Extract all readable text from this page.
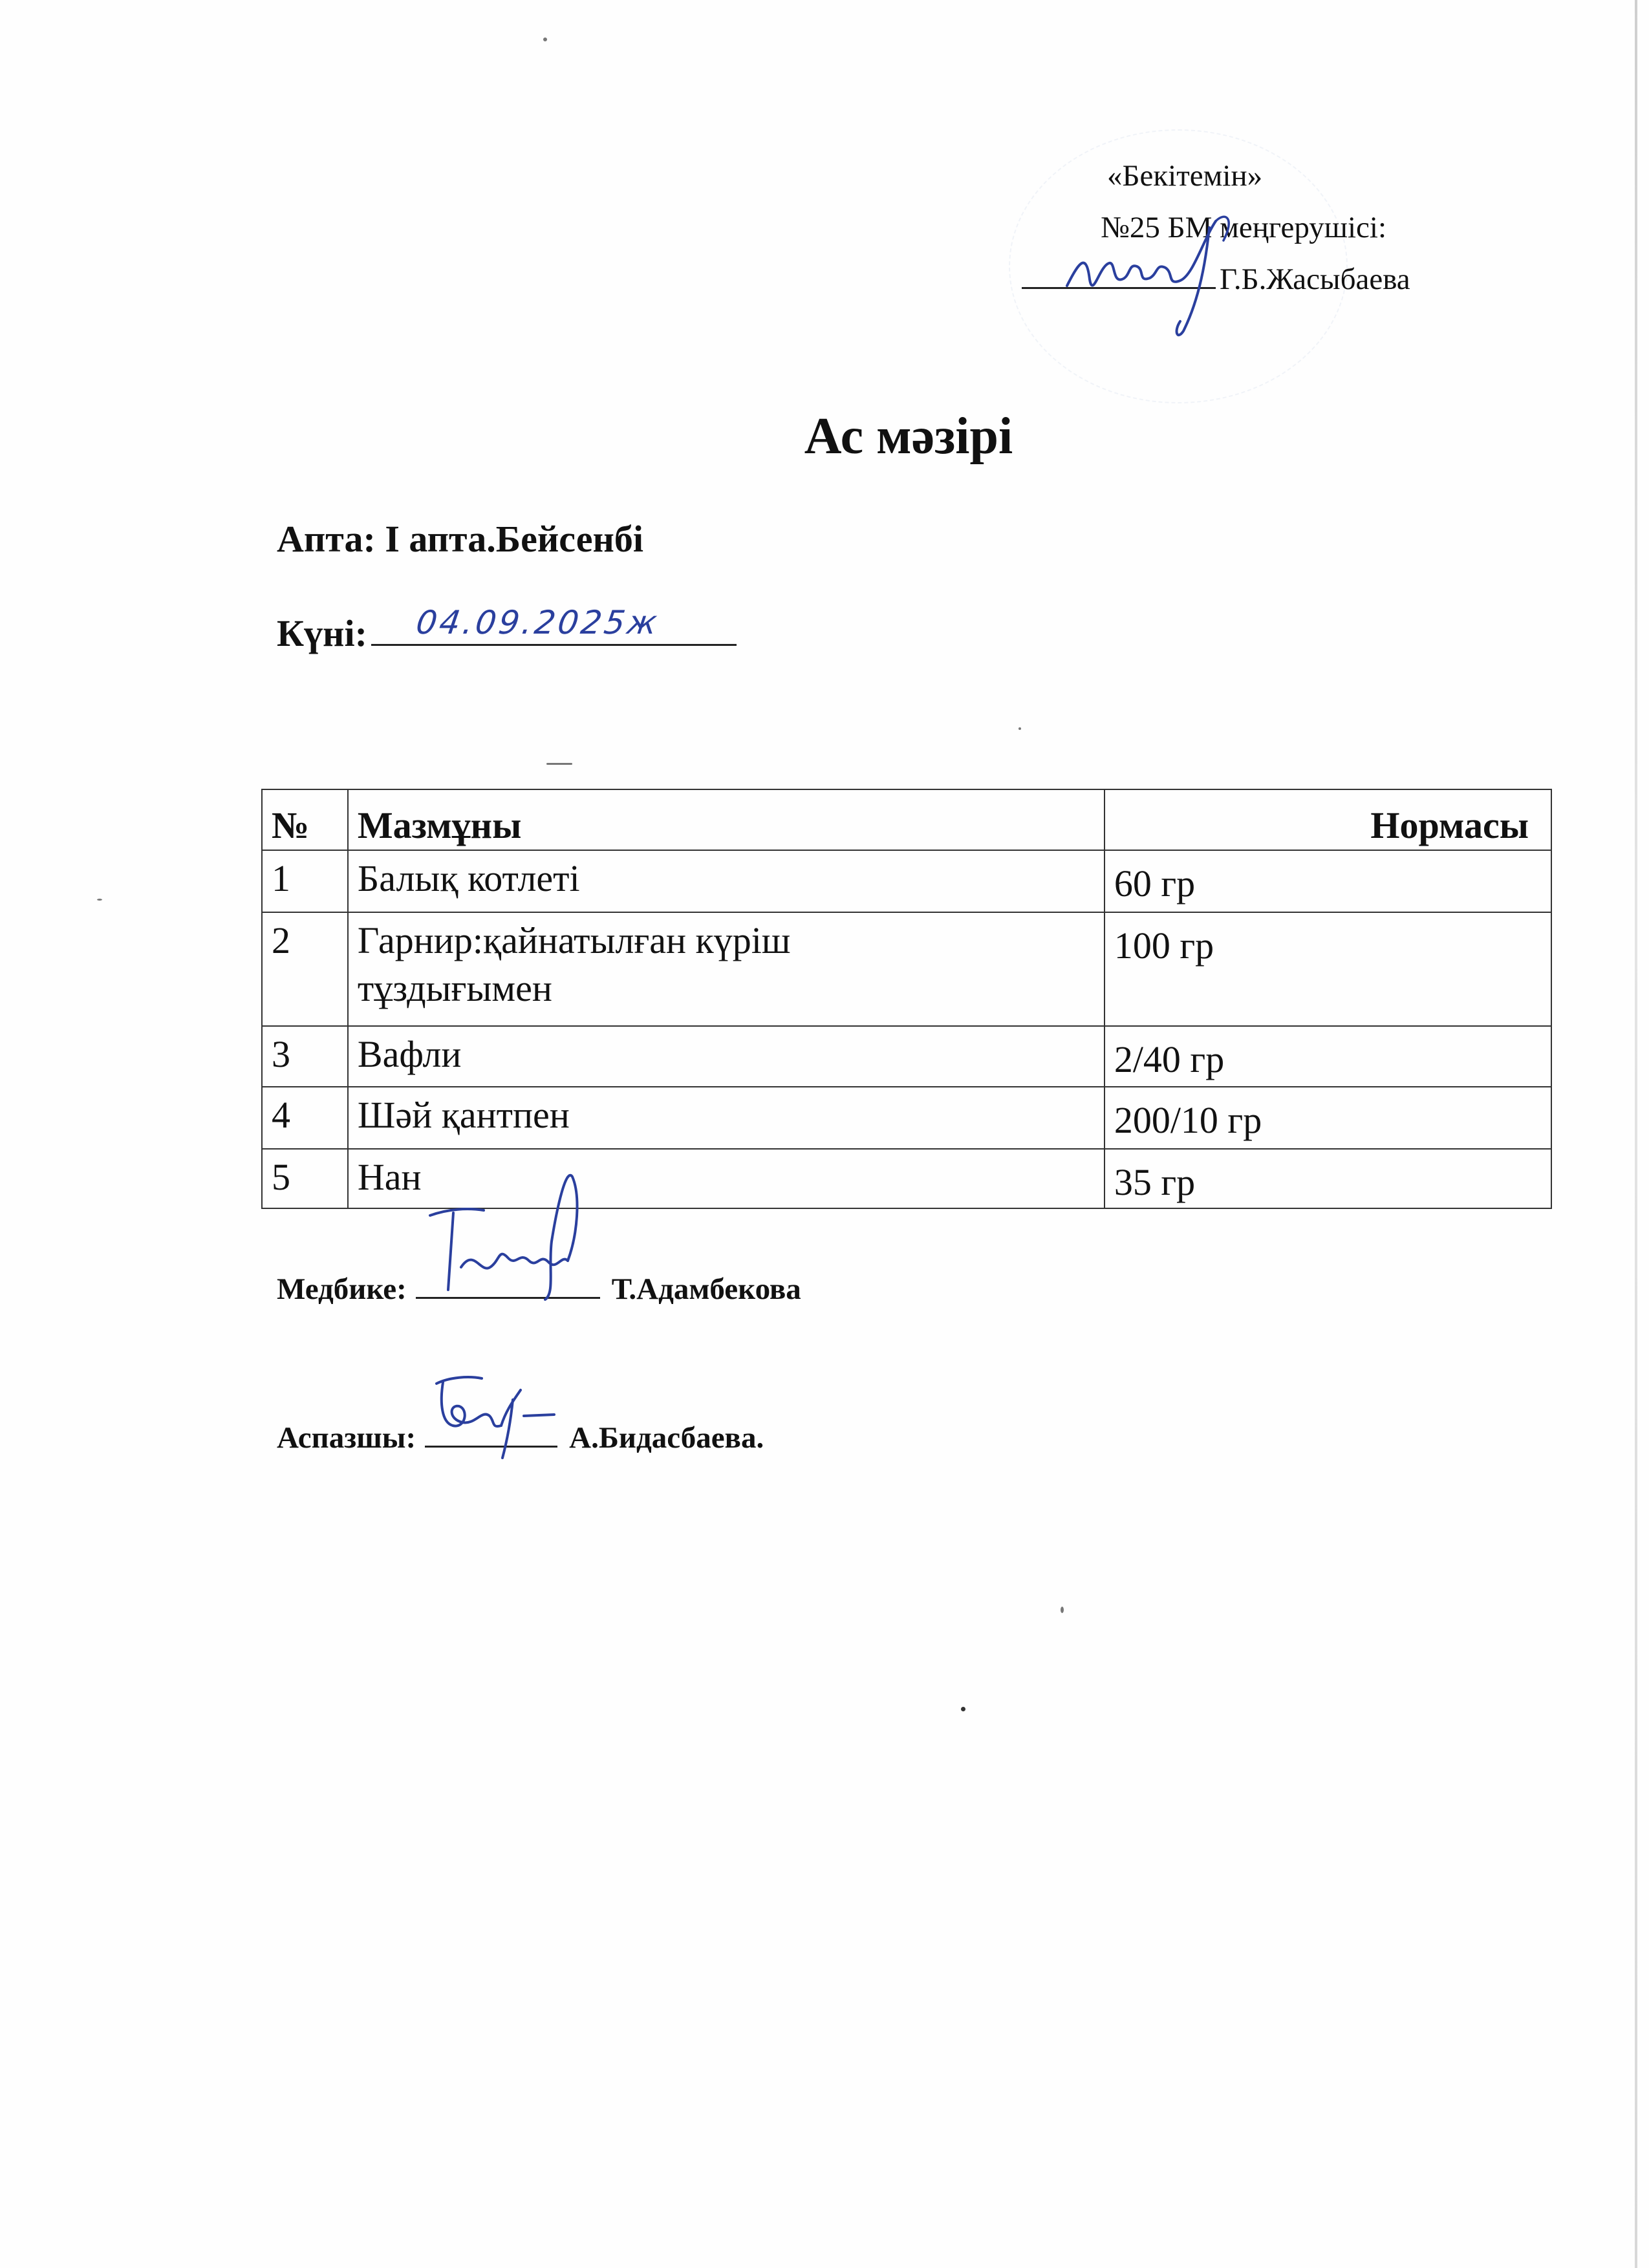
«Бекітемін»
№25 БМ меңгерушісі:
Г.Б.Жасыбаева
Ас мәзірі
Апта: I апта.Бейсенбі
Күні: 04.09.2025ж
№	Мазмұны	Нормасы
1	Балық котлеті	60 гр
2	Гарнир:қайнатылған күріш тұздығымен	100 гр
3	Вафли	2/40 гр
4	Шәй қантпен	200/10 гр
5	Нан	35 гр
Медбике:	Т.Адамбекова
Аспазшы:	А.Бидасбаева.
